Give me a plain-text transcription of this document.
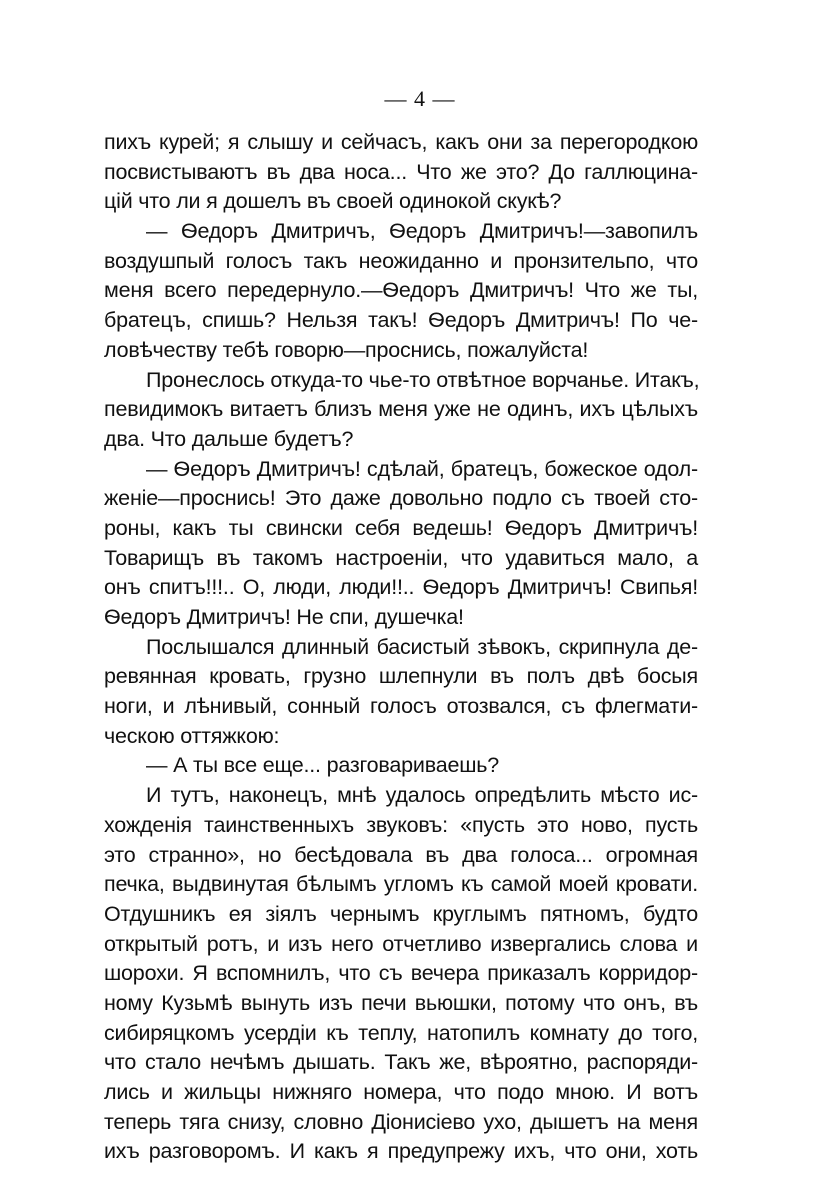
— 4 —
пихъ курей; я слышу и сейчасъ, какъ они за перегородкою
посвистываютъ въ два носа... Что же это? До галлюцина-
цій что ли я дошелъ въ своей одинокой скукѣ?
— Ѳедоръ Дмитричъ, Ѳедоръ Дмитричъ!—завопилъ
воздушпый голосъ такъ неожиданно и пронзительпо, что
меня всего передернуло.—Ѳедоръ Дмитричъ! Что же ты,
братецъ, спишь? Нельзя такъ! Ѳедоръ Дмитричъ! По че-
ловѣчеству тебѣ говорю—проснись, пожалуйста!
Пронеслось откуда-то чье-то отвѣтное ворчанье. Итакъ,
певидимокъ витаетъ близъ меня уже не одинъ, ихъ цѣлыхъ
два. Что дальше будетъ?
— Ѳедоръ Дмитричъ! сдѣлай, братецъ, божеское одол-
женіе—проснись! Это даже довольно подло съ твоей сто-
роны, какъ ты свински себя ведешь! Ѳедоръ Дмитричъ!
Товарищъ въ такомъ настроеніи, что удавиться мало, а
онъ спитъ!!!.. О, люди, люди!!.. Ѳедоръ Дмитричъ! Свипья!
Ѳедоръ Дмитричъ! Не спи, душечка!
Послышался длинный басистый зѣвокъ, скрипнула де-
ревянная кровать, грузно шлепнули въ полъ двѣ босыя
ноги, и лѣнивый, сонный голосъ отозвался, съ флегмати-
ческою оттяжкою:
— А ты все еще... разговариваешь?
И тутъ, наконецъ, мнѣ удалось опредѣлить мѣсто ис-
хожденія таинственныхъ звуковъ: «пусть это ново, пусть
это странно», но бесѣдовала въ два голоса... огромная
печка, выдвинутая бѣлымъ угломъ къ самой моей кровати.
Отдушникъ ея зіялъ чернымъ круглымъ пятномъ, будто
открытый ротъ, и изъ него отчетливо извергались слова и
шорохи. Я вспомнилъ, что съ вечера приказалъ корридор-
ному Кузьмѣ вынуть изъ печи вьюшки, потому что онъ, въ
сибиряцкомъ усердіи къ теплу, натопилъ комнату до того,
что стало нечѣмъ дышать. Такъ же, вѣроятно, распоряди-
лись и жильцы нижняго номера, что подо мною. И вотъ
теперь тяга снизу, словно Діонисіево ухо, дышетъ на меня
ихъ разговоромъ. И какъ я предупрежу ихъ, что они, хоть
